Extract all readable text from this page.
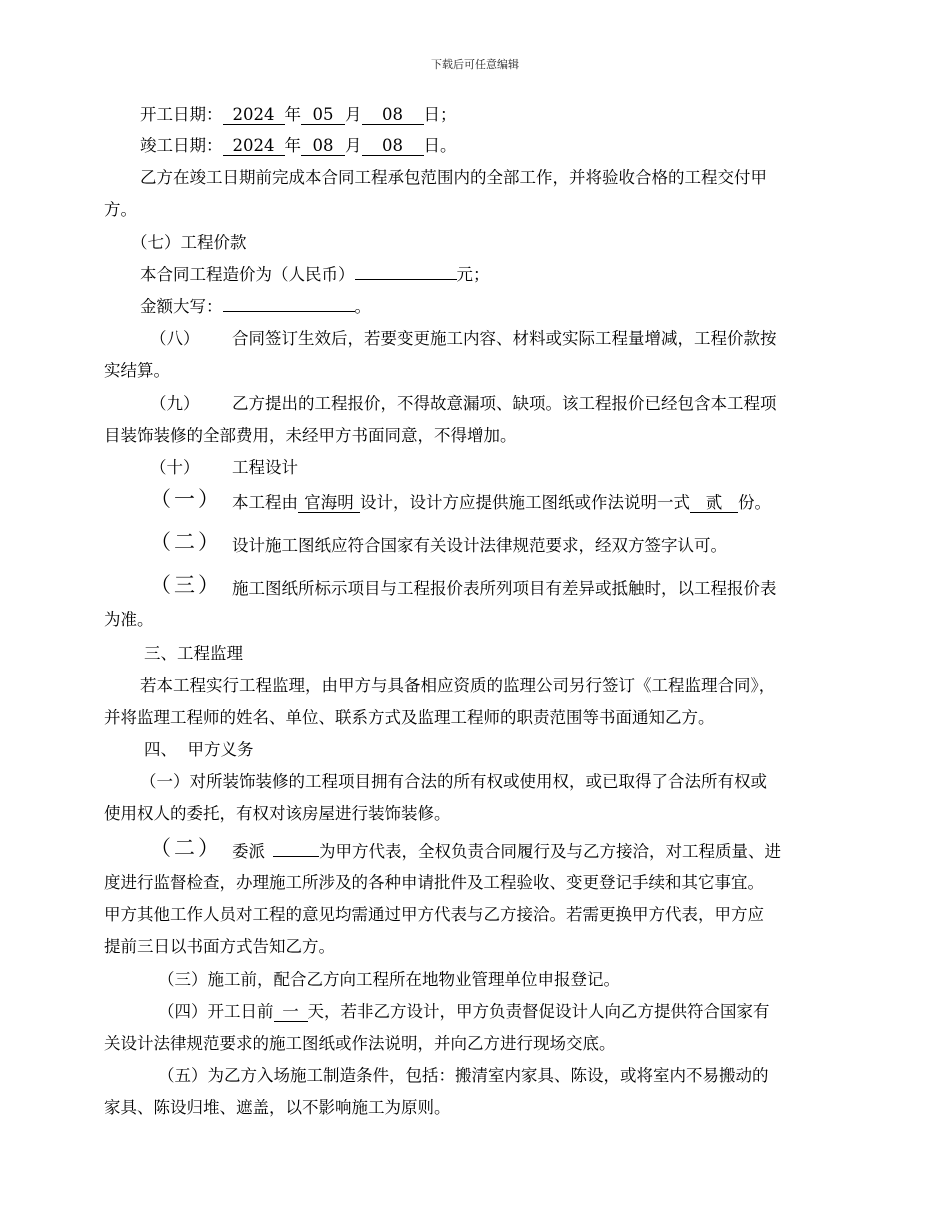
下载后可任意编辑
开工日期： 2024 年 05 月 08 日；
竣工日期： 2024 年 08 月 08 日。
乙方在竣工日期前完成本合同工程承包范围内的全部工作，并将验收合格的工程交付甲
方。
（七）工程价款
本合同工程造价为（人民币）	元；
金额大写：	。
（八） 合同签订生效后，若要变更施工内容、材料或实际工程量增减，工程价款按
实结算。
（九） 乙方提出的工程报价，不得故意漏项、缺项。该工程报价已经包含本工程项
目装饰装修的全部费用，未经甲方书面同意，不得增加。
（十） 工程设计
（一） 本工程由 官海明 设计，设计方应提供施工图纸或作法说明一式 贰 份。
（二） 设计施工图纸应符合国家有关设计法律规范要求，经双方签字认可。
（三） 施工图纸所标示项目与工程报价表所列项目有差异或抵触时，以工程报价表
为准。
三、工程监理
若本工程实行工程监理，由甲方与具备相应资质的监理公司另行签订《工程监理合同》，
并将监理工程师的姓名、单位、联系方式及监理工程师的职责范围等书面通知乙方。
四、  甲方义务
（一）对所装饰装修的工程项目拥有合法的所有权或使用权，或已取得了合法所有权或
使用权人的委托，有权对该房屋进行装饰装修。
（二） 委派	为甲方代表，全权负责合同履行及与乙方接洽，对工程质量、进
度进行监督检查，办理施工所涉及的各种申请批件及工程验收、变更登记手续和其它事宜。
甲方其他工作人员对工程的意见均需通过甲方代表与乙方接洽。若需更换甲方代表，甲方应
提前三日以书面方式告知乙方。
（三）施工前，配合乙方向工程所在地物业管理单位申报登记。
（四）开工日前 一 天，若非乙方设计，甲方负责督促设计人向乙方提供符合国家有
关设计法律规范要求的施工图纸或作法说明，并向乙方进行现场交底。
（五）为乙方入场施工制造条件，包括：搬清室内家具、陈设，或将室内不易搬动的
家具、陈设归堆、遮盖，以不影响施工为原则。
